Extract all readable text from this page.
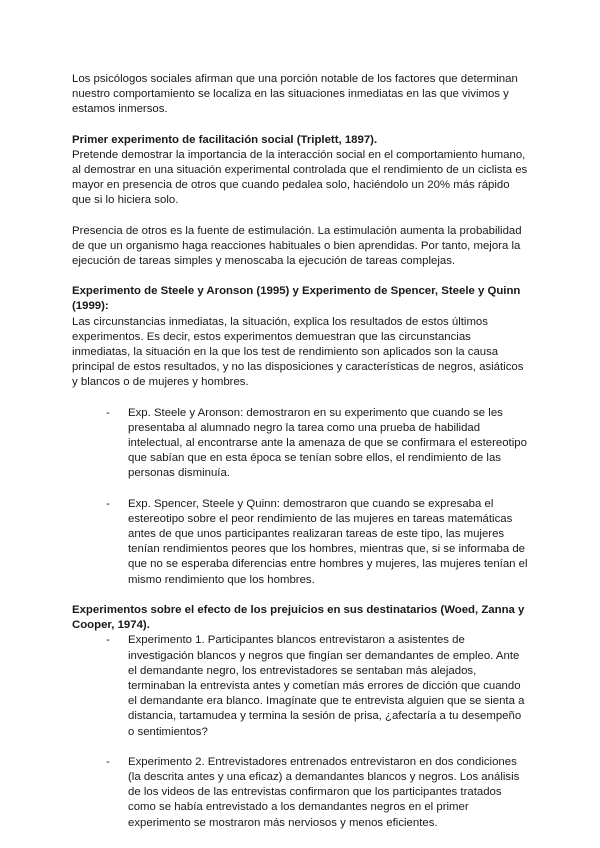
Los psicólogos sociales afirman que una porción notable de los factores que determinan nuestro comportamiento se localiza en las situaciones inmediatas en las que vivimos y estamos inmersos.

Primer experimento de facilitación social (Triplett, 1897).

Pretende demostrar la importancia de la interacción social en el comportamiento humano, al demostrar en una situación experimental controlada que el rendimiento de un ciclista es mayor en presencia de otros que cuando pedalea solo, haciéndolo un 20% más rápido que si lo hiciera solo.

Presencia de otros es la fuente de estimulación. La estimulación aumenta la probabilidad de que un organismo haga reacciones habituales o bien aprendidas. Por tanto, mejora la ejecución de tareas simples y menoscaba la ejecución de tareas complejas.

Experimento de Steele y Aronson (1995) y Experimento de Spencer, Steele y Quinn (1999):

Las circunstancias inmediatas, la situación, explica los resultados de estos últimos experimentos. Es decir, estos experimentos demuestran que las circunstancias inmediatas, la situación en la que los test de rendimiento son aplicados son la causa principal de estos resultados, y no las disposiciones y características de negros, asiáticos y blancos o de mujeres y hombres.

- Exp. Steele y Aronson: demostraron en su experimento que cuando se les presentaba al alumnado negro la tarea como una prueba de habilidad intelectual, al encontrarse ante la amenaza de que se confirmara el estereotipo que sabían que en esta época se tenían sobre ellos, el rendimiento de las personas disminuía.
- Exp. Spencer, Steele y Quinn: demostraron que cuando se expresaba el estereotipo sobre el peor rendimiento de las mujeres en tareas matemáticas antes de que unos participantes realizaran tareas de este tipo, las mujeres tenían rendimientos peores que los hombres, mientras que, si se informaba de que no se esperaba diferencias entre hombres y mujeres, las mujeres tenían el mismo rendimiento que los hombres.

Experimentos sobre el efecto de los prejuicios en sus destinatarios (Woed, Zanna y Cooper, 1974).

- Experimento 1. Participantes blancos entrevistaron a asistentes de investigación blancos y negros que fingían ser demandantes de empleo. Ante el demandante negro, los entrevistadores se sentaban más alejados, terminaban la entrevista antes y cometían más errores de dicción que cuando el demandante era blanco. Imagínate que te entrevista alguien que se sienta a distancia, tartamudea y termina la sesión de prisa, ¿afectaría a tu desempeño o sentimientos?
- Experimento 2. Entrevistadores entrenados entrevistaron en dos condiciones (la descrita antes y una eficaz) a demandantes blancos y negros. Los análisis de los videos de las entrevistas confirmaron que los participantes tratados como se había entrevistado a los demandantes negros en el primer experimento se mostraron más nerviosos y menos eficientes.
